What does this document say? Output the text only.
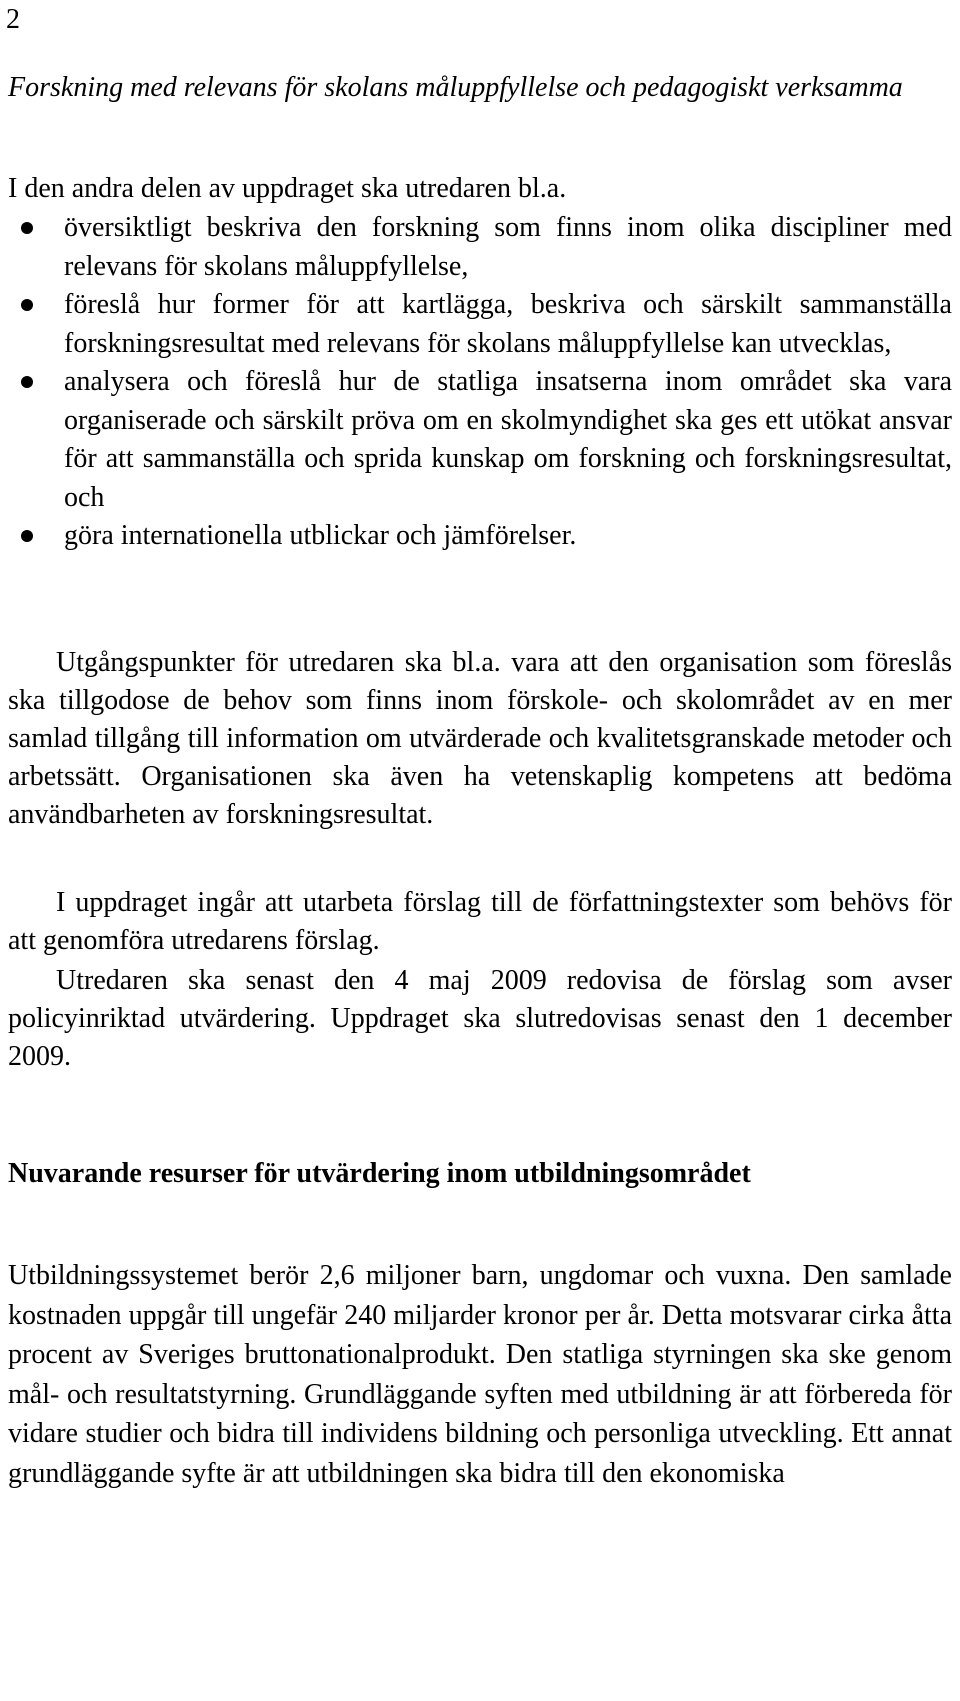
2
Forskning med relevans för skolans måluppfyllelse och pedagogiskt verksamma
I den andra delen av uppdraget ska utredaren bl.a.
översiktligt beskriva den forskning som finns inom olika discipliner med relevans för skolans måluppfyllelse,
föreslå hur former för att kartlägga, beskriva och särskilt sammanställa forskningsresultat med relevans för skolans måluppfyllelse kan utvecklas,
analysera och föreslå hur de statliga insatserna inom området ska vara organiserade och särskilt pröva om en skolmyndighet ska ges ett utökat ansvar för att sammanställa och sprida kunskap om forskning och forskningsresultat, och
göra internationella utblickar och jämförelser.
Utgångspunkter för utredaren ska bl.a. vara att den organisation som föreslås ska tillgodose de behov som finns inom förskole- och skolområdet av en mer samlad tillgång till information om utvärderade och kvalitetsgranskade metoder och arbetssätt. Organisationen ska även ha vetenskaplig kompetens att bedöma användbarheten av forskningsresultat.
I uppdraget ingår att utarbeta förslag till de författningstexter som behövs för att genomföra utredarens förslag.
Utredaren ska senast den 4 maj 2009 redovisa de förslag som avser policyinriktad utvärdering. Uppdraget ska slutredovisas senast den 1 december 2009.
Nuvarande resurser för utvärdering inom utbildningsområdet
Utbildningssystemet berör 2,6 miljoner barn, ungdomar och vuxna. Den samlade kostnaden uppgår till ungefär 240 miljarder kronor per år. Detta motsvarar cirka åtta procent av Sveriges bruttonationalprodukt. Den statliga styrningen ska ske genom mål- och resultatstyrning. Grundläggande syften med utbildning är att förbereda för vidare studier och bidra till individens bildning och personliga utveckling. Ett annat grundläggande syfte är att utbildningen ska bidra till den ekonomiska
